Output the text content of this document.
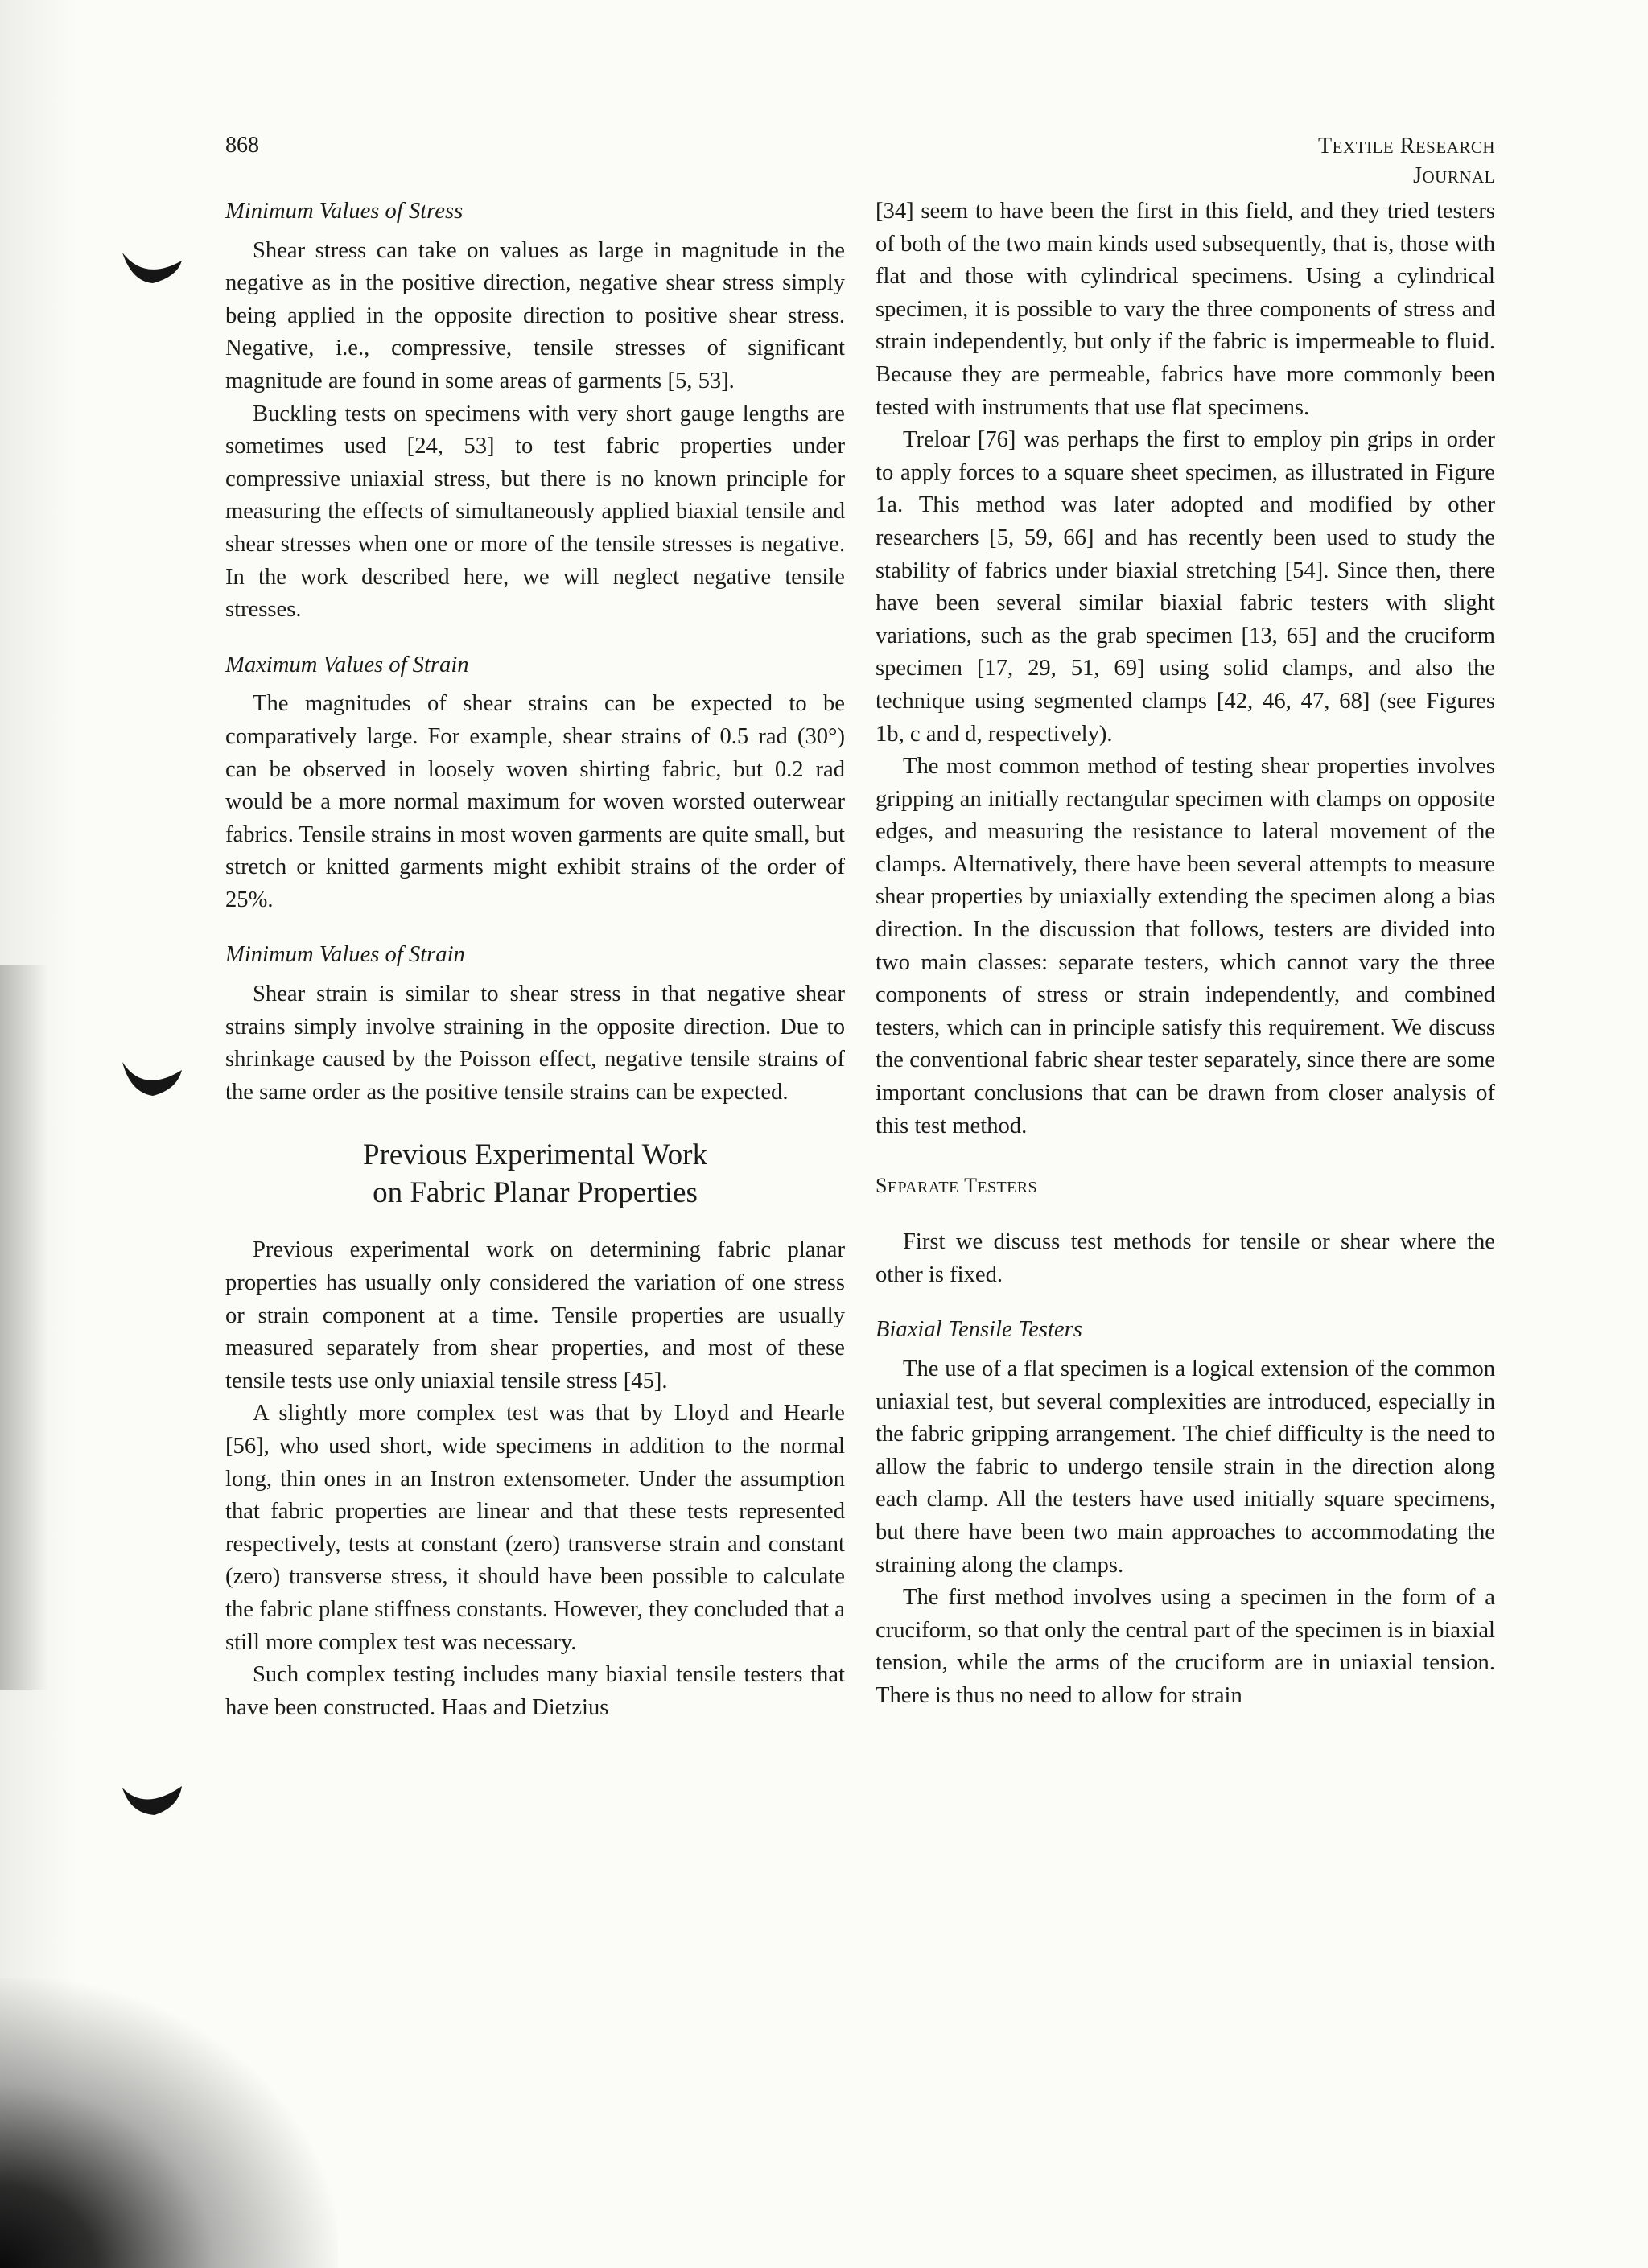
868	TEXTILE RESEARCH JOURNAL
Minimum Values of Stress

Shear stress can take on values as large in magnitude in the negative as in the positive direction, negative shear stress simply being applied in the opposite direction to positive shear stress. Negative, i.e., compressive, tensile stresses of significant magnitude are found in some areas of garments [5, 53].

Buckling tests on specimens with very short gauge lengths are sometimes used [24, 53] to test fabric properties under compressive uniaxial stress, but there is no known principle for measuring the effects of simultaneously applied biaxial tensile and shear stresses when one or more of the tensile stresses is negative. In the work described here, we will neglect negative tensile stresses.

Maximum Values of Strain

The magnitudes of shear strains can be expected to be comparatively large. For example, shear strains of 0.5 rad (30°) can be observed in loosely woven shirting fabric, but 0.2 rad would be a more normal maximum for woven worsted outerwear fabrics. Tensile strains in most woven garments are quite small, but stretch or knitted garments might exhibit strains of the order of 25%.

Minimum Values of Strain

Shear strain is similar to shear stress in that negative shear strains simply involve straining in the opposite direction. Due to shrinkage caused by the Poisson effect, negative tensile strains of the same order as the positive tensile strains can be expected.

Previous Experimental Work
on Fabric Planar Properties

Previous experimental work on determining fabric planar properties has usually only considered the variation of one stress or strain component at a time. Tensile properties are usually measured separately from shear properties, and most of these tensile tests use only uniaxial tensile stress [45].

A slightly more complex test was that by Lloyd and Hearle [56], who used short, wide specimens in addition to the normal long, thin ones in an Instron extensometer. Under the assumption that fabric properties are linear and that these tests represented respectively, tests at constant (zero) transverse strain and constant (zero) transverse stress, it should have been possible to calculate the fabric plane stiffness constants. However, they concluded that a still more complex test was necessary.

Such complex testing includes many biaxial tensile testers that have been constructed. Haas and Dietzius

[34] seem to have been the first in this field, and they tried testers of both of the two main kinds used subsequently, that is, those with flat and those with cylindrical specimens. Using a cylindrical specimen, it is possible to vary the three components of stress and strain independently, but only if the fabric is impermeable to fluid. Because they are permeable, fabrics have more commonly been tested with instruments that use flat specimens.

Treloar [76] was perhaps the first to employ pin grips in order to apply forces to a square sheet specimen, as illustrated in Figure 1a. This method was later adopted and modified by other researchers [5, 59, 66] and has recently been used to study the stability of fabrics under biaxial stretching [54]. Since then, there have been several similar biaxial fabric testers with slight variations, such as the grab specimen [13, 65] and the cruciform specimen [17, 29, 51, 69] using solid clamps, and also the technique using segmented clamps [42, 46, 47, 68] (see Figures 1b, c and d, respectively).

The most common method of testing shear properties involves gripping an initially rectangular specimen with clamps on opposite edges, and measuring the resistance to lateral movement of the clamps. Alternatively, there have been several attempts to measure shear properties by uniaxially extending the specimen along a bias direction. In the discussion that follows, testers are divided into two main classes: separate testers, which cannot vary the three components of stress or strain independently, and combined testers, which can in principle satisfy this requirement. We discuss the conventional fabric shear tester separately, since there are some important conclusions that can be drawn from closer analysis of this test method.

SEPARATE TESTERS

First we discuss test methods for tensile or shear where the other is fixed.

Biaxial Tensile Testers

The use of a flat specimen is a logical extension of the common uniaxial test, but several complexities are introduced, especially in the fabric gripping arrangement. The chief difficulty is the need to allow the fabric to undergo tensile strain in the direction along each clamp. All the testers have used initially square specimens, but there have been two main approaches to accommodating the straining along the clamps.

The first method involves using a specimen in the form of a cruciform, so that only the central part of the specimen is in biaxial tension, while the arms of the cruciform are in uniaxial tension. There is thus no need to allow for strain
